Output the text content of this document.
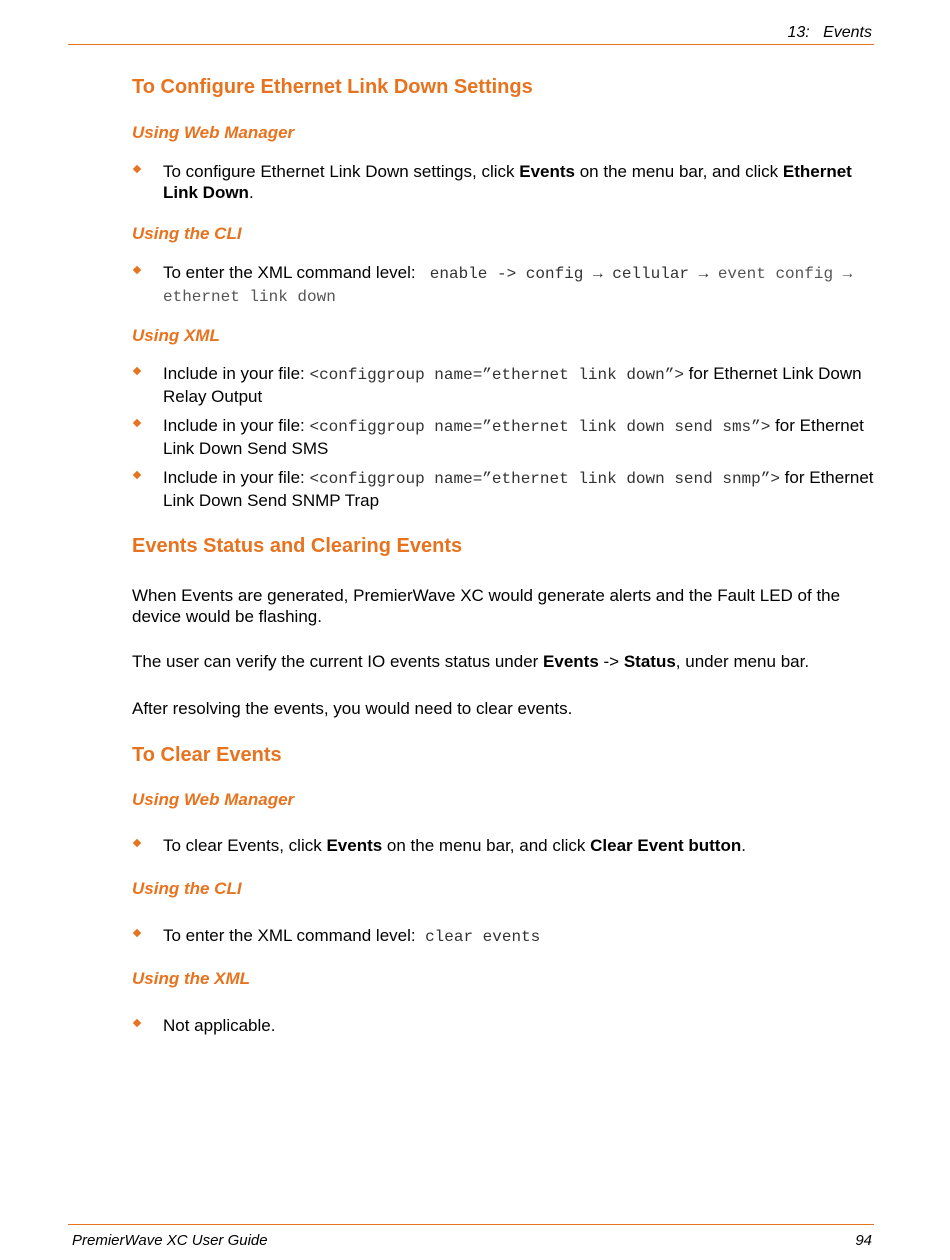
13:   Events
To Configure Ethernet Link Down Settings
Using Web Manager
To configure Ethernet Link Down settings, click Events on the menu bar, and click Ethernet Link Down.
Using the CLI
To enter the XML command level:   enable -> config → cellular → event config → ethernet link down
Using XML
Include in your file: <configgroup name=”ethernet link down”> for Ethernet Link Down Relay Output
Include in your file: <configgroup name=”ethernet link down send sms”> for Ethernet Link Down Send SMS
Include in your file: <configgroup name=”ethernet link down send snmp”> for Ethernet Link Down Send SNMP Trap
Events Status and Clearing Events
When Events are generated, PremierWave XC would generate alerts and the Fault LED of the device would be flashing.
The user can verify the current IO events status under Events -> Status, under menu bar.
After resolving the events, you would need to clear events.
To Clear Events
Using Web Manager
To clear Events, click Events on the menu bar, and click Clear Event button.
Using the CLI
To enter the XML command level:  clear events
Using the XML
Not applicable.
PremierWave XC User Guide	94
